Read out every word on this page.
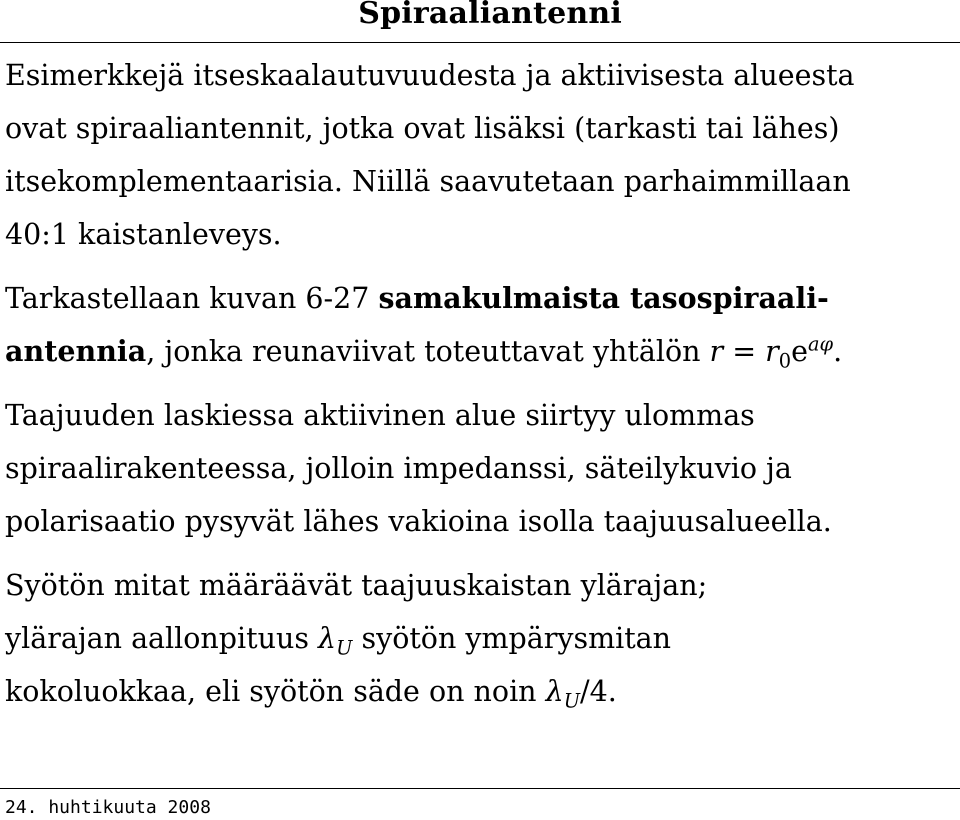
Spiraaliantenni

Esimerkkejä itseskaalautuvuudesta ja aktiivisesta alueesta
ovat spiraaliantennit, jotka ovat lisäksi (tarkasti tai lähes)
itsekomplementaarisia. Niillä saavutetaan parhaimmillaan
40:1 kaistanleveys.

Tarkastellaan kuvan 6-27 samakulmaista tasospiraali-
antennia, jonka reunaviivat toteuttavat yhtälön $r = r_0e^{a\varphi}$.

Taajuuden laskiessa aktiivinen alue siirtyy ulommas
spiraalirakenteessa, jolloin impedanssi, säteilykuvio ja
polarisaatio pysyvät lähes vakioina isolla taajuusalueella.

Syötön mitat määräävät taajuuskaistan ylärajan;
ylärajan aallonpituus $\lambda_U$ syötön ympärysmitan
kokoluokkaa, eli syötön säde on noin $\lambda_U/4$.

24. huhtikuuta 2008
